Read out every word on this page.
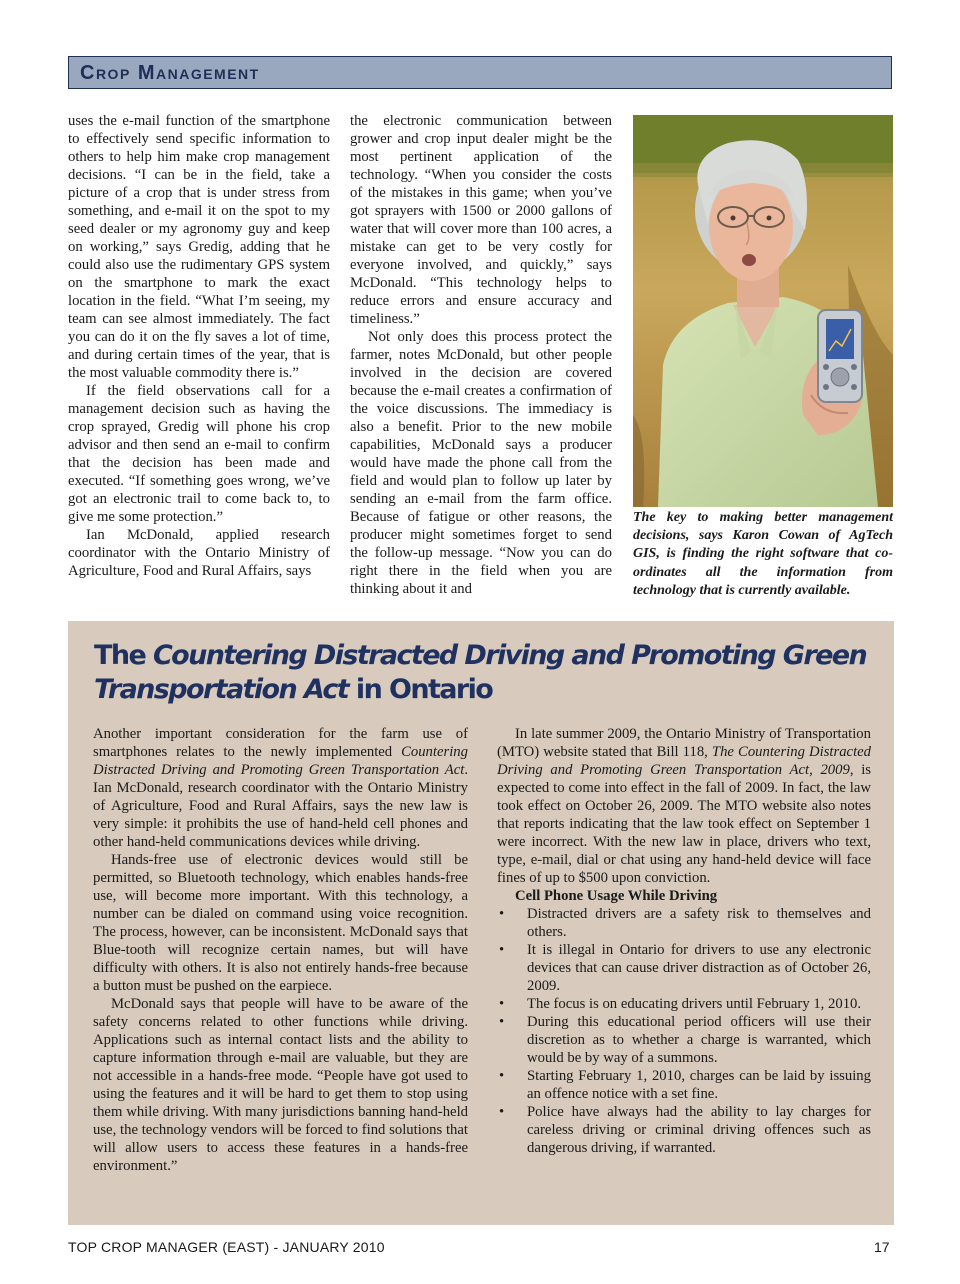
Crop Management

uses the e-mail function of the smartphone to effectively send specific information to others to help him make crop management decisions. “I can be in the field, take a picture of a crop that is under stress from something, and e-mail it on the spot to my seed dealer or my agronomy guy and keep on working,” says Gredig, adding that he could also use the rudimentary GPS system on the smartphone to mark the exact location in the field. “What I’m seeing, my team can see almost immediately. The fact you can do it on the fly saves a lot of time, and during certain times of the year, that is the most valuable commodity there is.”

If the field observations call for a management decision such as having the crop sprayed, Gredig will phone his crop advisor and then send an e-mail to confirm that the decision has been made and executed. “If something goes wrong, we’ve got an electronic trail to come back to, to give me some protection.”

Ian McDonald, applied research coordinator with the Ontario Ministry of Agriculture, Food and Rural Affairs, says

the electronic communication between grower and crop input dealer might be the most pertinent application of the technology. “When you consider the costs of the mistakes in this game; when you’ve got sprayers with 1500 or 2000 gallons of water that will cover more than 100 acres, a mistake can get to be very costly for everyone involved, and quickly,” says McDonald. “This technology helps to reduce errors and ensure accuracy and timeliness.”

Not only does this process protect the farmer, notes McDonald, but other people involved in the decision are covered because the e-mail creates a confirmation of the voice discussions. The immediacy is also a benefit. Prior to the new mobile capabilities, McDonald says a producer would have made the phone call from the field and would plan to follow up later by sending an e-mail from the farm office. Because of fatigue or other reasons, the producer might sometimes forget to send the follow-up message. “Now you can do right there in the field when you are thinking about it and

The key to making better management decisions, says Karon Cowan of AgTech GIS, is finding the right software that co-ordinates all the information from technology that is currently available.
The Countering Distracted Driving and Promoting Green Transportation Act in Ontario

Another important consideration for the farm use of smartphones relates to the newly implemented Countering Distracted Driving and Promoting Green Transportation Act. Ian McDonald, research coordinator with the Ontario Ministry of Agriculture, Food and Rural Affairs, says the new law is very simple: it prohibits the use of hand-held cell phones and other hand-held communications devices while driving.

Hands-free use of electronic devices would still be permitted, so Bluetooth technology, which enables hands-free use, will become more important. With this technology, a number can be dialed on command using voice recognition. The process, however, can be inconsistent. McDonald says that Blue-tooth will recognize certain names, but will have difficulty with others. It is also not entirely hands-free because a button must be pushed on the earpiece.

McDonald says that people will have to be aware of the safety concerns related to other functions while driving. Applications such as internal contact lists and the ability to capture information through e-mail are valuable, but they are not accessible in a hands-free mode. “People have got used to using the features and it will be hard to get them to stop using them while driving. With many jurisdictions banning hand-held use, the technology vendors will be forced to find solutions that will allow users to access these features in a hands-free environment.”

In late summer 2009, the Ontario Ministry of Transportation (MTO) website stated that Bill 118, The Countering Distracted Driving and Promoting Green Transportation Act, 2009, is expected to come into effect in the fall of 2009. In fact, the law took effect on October 26, 2009. The MTO website also notes that reports indicating that the law took effect on September 1 were incorrect. With the new law in place, drivers who text, type, e-mail, dial or chat using any hand-held device will face fines of up to $500 upon conviction.

Cell Phone Usage While Driving

• Distracted drivers are a safety risk to themselves and others.
• It is illegal in Ontario for drivers to use any electronic devices that can cause driver distraction as of October 26, 2009.
• The focus is on educating drivers until February 1, 2010.
• During this educational period officers will use their discretion as to whether a charge is warranted, which would be by way of a summons.
• Starting February 1, 2010, charges can be laid by issuing an offence notice with a set fine.
• Police have always had the ability to lay charges for careless driving or criminal driving offences such as dangerous driving, if warranted.
TOP CROP MANAGER (EAST) - JANUARY 2010	17
